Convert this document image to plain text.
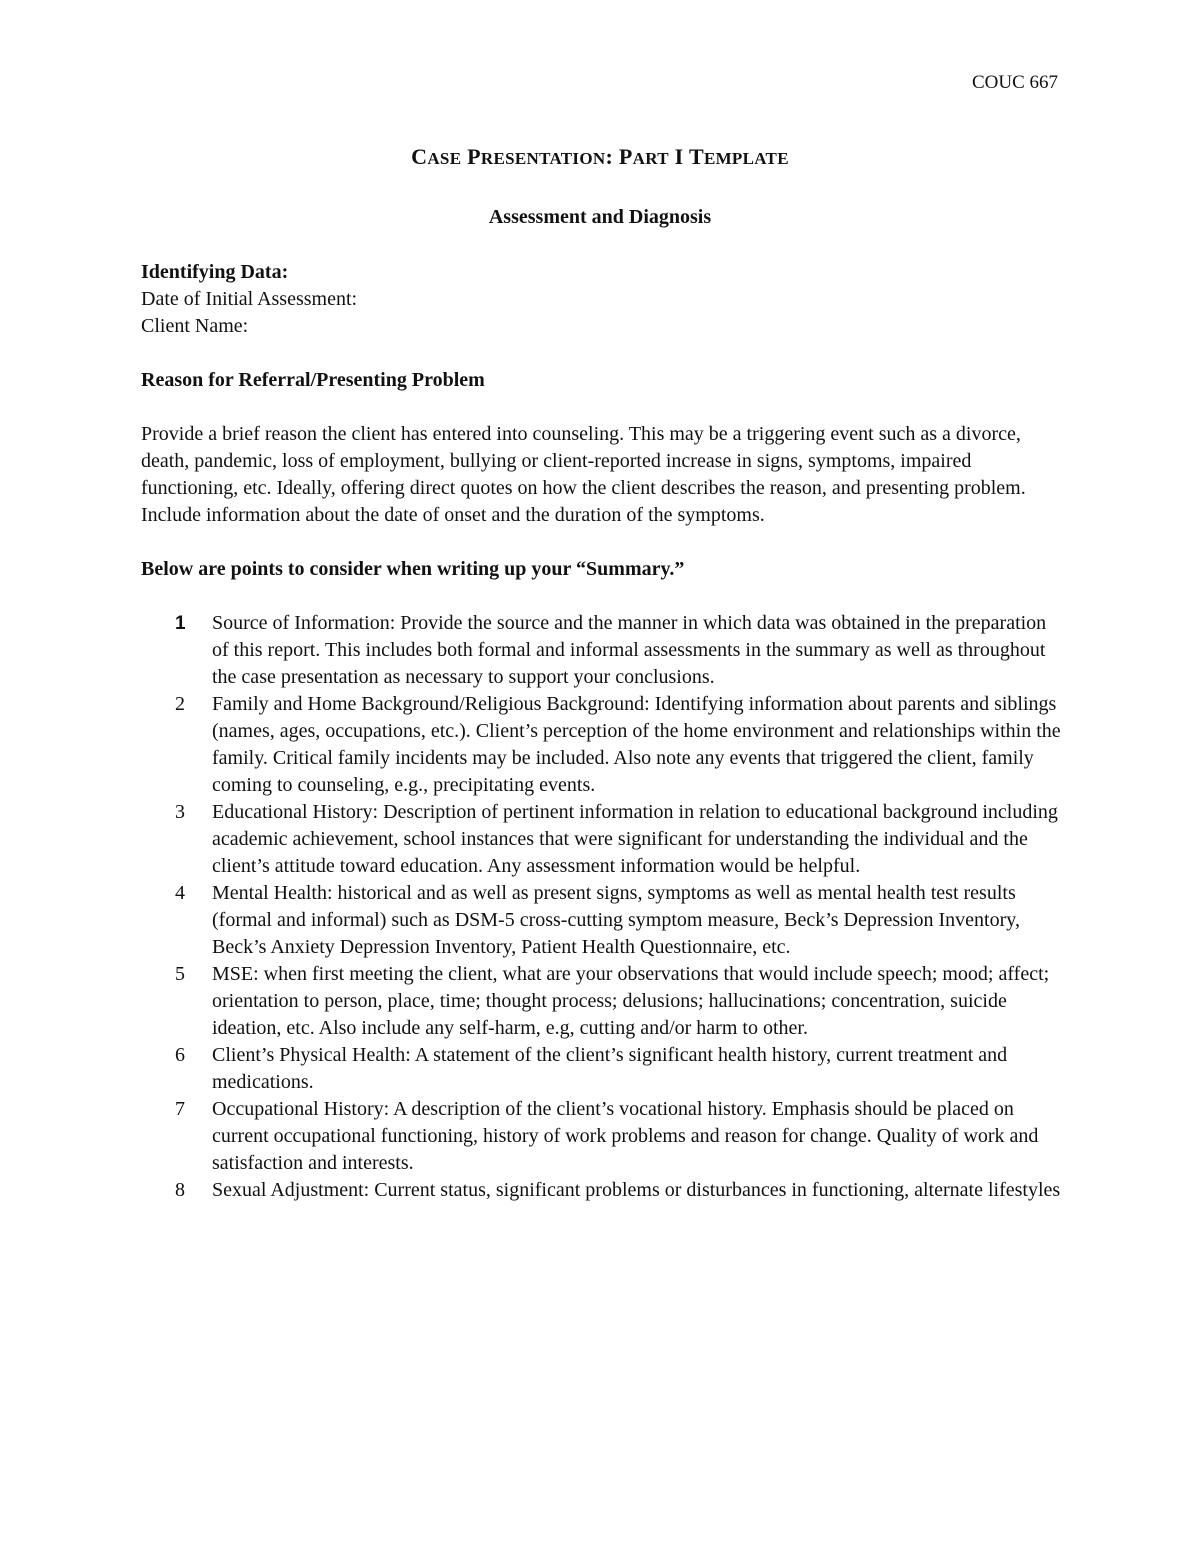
COUC 667
CASE PRESENTATION: PART I TEMPLATE
Assessment and Diagnosis

Identifying Data:

Date of Initial Assessment:

Client Name:

Reason for Referral/Presenting Problem

Provide a brief reason the client has entered into counseling. This may be a triggering event such as a divorce, death, pandemic, loss of employment, bullying or client-reported increase in signs, symptoms, impaired functioning, etc. Ideally, offering direct quotes on how the client describes the reason, and presenting problem. Include information about the date of onset and the duration of the symptoms.

Below are points to consider when writing up your “Summary.”

1 Source of Information: Provide the source and the manner in which data was obtained in the preparation of this report. This includes both formal and informal assessments in the summary as well as throughout the case presentation as necessary to support your conclusions.
2 Family and Home Background/Religious Background: Identifying information about parents and siblings (names, ages, occupations, etc.). Client’s perception of the home environment and relationships within the family. Critical family incidents may be included. Also note any events that triggered the client, family coming to counseling, e.g., precipitating events.
3 Educational History: Description of pertinent information in relation to educational background including academic achievement, school instances that were significant for understanding the individual and the client’s attitude toward education. Any assessment information would be helpful.
4 Mental Health: historical and as well as present signs, symptoms as well as mental health test results (formal and informal) such as DSM-5 cross-cutting symptom measure, Beck’s Depression Inventory, Beck’s Anxiety Depression Inventory, Patient Health Questionnaire, etc.
5 MSE: when first meeting the client, what are your observations that would include speech; mood; affect; orientation to person, place, time; thought process; delusions; hallucinations; concentration, suicide ideation, etc. Also include any self-harm, e.g, cutting and/or harm to other.
6 Client’s Physical Health: A statement of the client’s significant health history, current treatment and medications.
7 Occupational History: A description of the client’s vocational history. Emphasis should be placed on current occupational functioning, history of work problems and reason for change. Quality of work and satisfaction and interests.
8 Sexual Adjustment: Current status, significant problems or disturbances in functioning, alternate lifestyles
